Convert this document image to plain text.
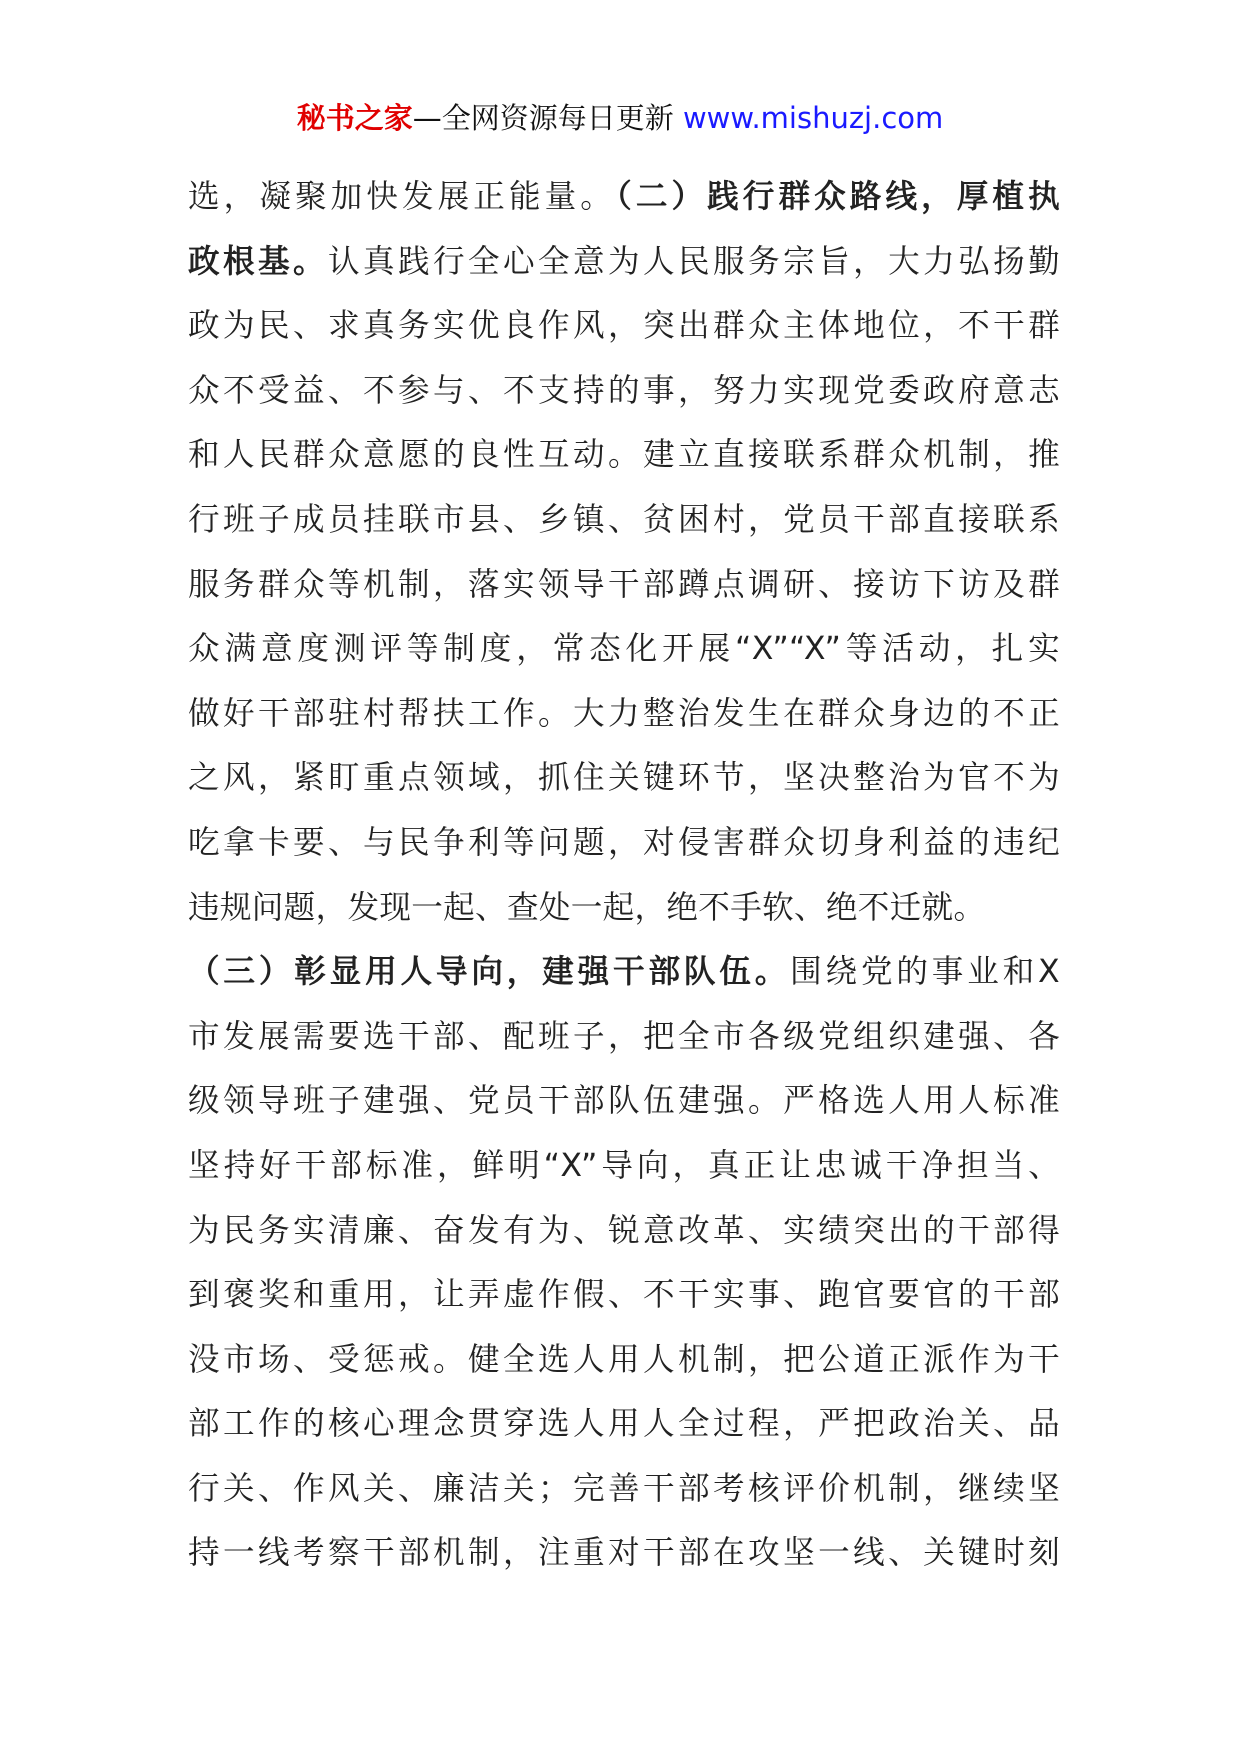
秘书之家—全网资源每日更新 www.mishuzj.com
选，凝聚加快发展正能量。（二）践行群众路线，厚植执
政根基。认真践行全心全意为人民服务宗旨，大力弘扬勤
政为民、求真务实优良作风，突出群众主体地位，不干群
众不受益、不参与、不支持的事，努力实现党委政府意志
和人民群众意愿的良性互动。建立直接联系群众机制，推
行班子成员挂联市县、乡镇、贫困村，党员干部直接联系
服务群众等机制，落实领导干部蹲点调研、接访下访及群
众满意度测评等制度，常态化开展“X”“X”等活动，扎实
做好干部驻村帮扶工作。大力整治发生在群众身边的不正
之风，紧盯重点领域，抓住关键环节，坚决整治为官不为
吃拿卡要、与民争利等问题，对侵害群众切身利益的违纪
违规问题，发现一起、查处一起，绝不手软、绝不迁就。
（三）彰显用人导向，建强干部队伍。围绕党的事业和X
市发展需要选干部、配班子，把全市各级党组织建强、各
级领导班子建强、党员干部队伍建强。严格选人用人标准
坚持好干部标准，鲜明“X”导向，真正让忠诚干净担当、
为民务实清廉、奋发有为、锐意改革、实绩突出的干部得
到褒奖和重用，让弄虚作假、不干实事、跑官要官的干部
没市场、受惩戒。健全选人用人机制，把公道正派作为干
部工作的核心理念贯穿选人用人全过程，严把政治关、品
行关、作风关、廉洁关；完善干部考核评价机制，继续坚
持一线考察干部机制，注重对干部在攻坚一线、关键时刻
